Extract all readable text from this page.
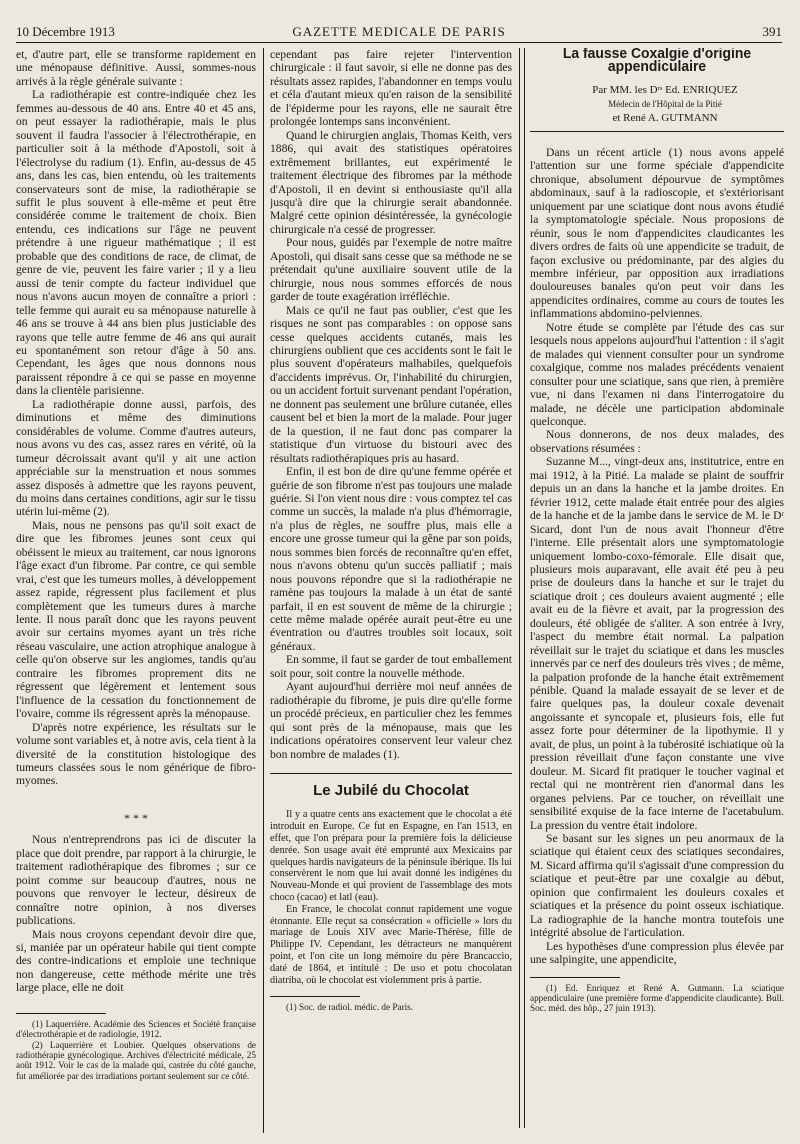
10 Décembre 1913	GAZETTE MEDICALE DE PARIS	391

et, d'autre part, elle se transforme rapidement en une ménopause définitive. Aussi, sommes-nous arrivés à la règle générale suivante :

La radiothérapie est contre-indiquée chez les femmes au-dessous de 40 ans. Entre 40 et 45 ans, on peut essayer la radiothérapie, mais le plus souvent il faudra l'associer à l'électrothérapie, en particulier soit à la méthode d'Apostoli, soit à l'électrolyse du radium (1). Enfin, au-dessus de 45 ans, dans les cas, bien entendu, où les traitements conservateurs sont de mise, la radiothérapie se suffit le plus souvent à elle-même et peut être considérée comme le traitement de choix. Bien entendu, ces indications sur l'âge ne peuvent prétendre à une rigueur mathématique ; il est probable que des conditions de race, de climat, de genre de vie, peuvent les faire varier ; il y a lieu aussi de tenir compte du facteur individuel que nous n'avons aucun moyen de connaître a priori : telle femme qui aurait eu sa ménopause naturelle à 46 ans se trouve à 44 ans bien plus justiciable des rayons que telle autre femme de 46 ans qui aurait eu spontanément son retour d'âge à 50 ans. Cependant, les âges que nous donnons nous paraissent répondre à ce qui se passe en moyenne dans la clientèle parisienne.

La radiothérapie donne aussi, parfois, des diminutions et même des diminutions considérables de volume. Comme d'autres auteurs, nous avons vu des cas, assez rares en vérité, où la tumeur décroissait avant qu'il y ait une action appréciable sur la menstruation et nous sommes assez disposés à admettre que les rayons peuvent, du moins dans certaines conditions, agir sur le tissu utérin lui-même (2).

Mais, nous ne pensons pas qu'il soit exact de dire que les fibromes jeunes sont ceux qui obéissent le mieux au traitement, car nous ignorons l'âge exact d'un fibrome. Par contre, ce qui semble vrai, c'est que les tumeurs molles, à développement assez rapide, régressent plus facilement et plus complètement que les tumeurs dures à marche lente. Il nous paraît donc que les rayons peuvent avoir sur certains myomes ayant un très riche réseau vasculaire, une action atrophique analogue à celle qu'on observe sur les angiomes, tandis qu'au contraire les fibromes proprement dits ne régressent que légèrement et lentement sous l'influence de la cessation du fonctionnement de l'ovaire, comme ils régressent après la ménopause.

D'après notre expérience, les résultats sur le volume sont variables et, à notre avis, cela tient à la diversité de la constitution histologique des tumeurs classées sous le nom générique de fibro-myomes.

* * *

Nous n'entreprendrons pas ici de discuter la place que doit prendre, par rapport à la chirurgie, le traitement radiothérapique des fibromes ; sur ce point comme sur beaucoup d'autres, nous ne pouvons que renvoyer le lecteur, désireux de connaître notre opinion, à nos diverses publications.

Mais nous croyons cependant devoir dire que, si, maniée par un opérateur habile qui tient compte des contre-indications et emploie une technique non dangereuse, cette méthode mérite une très large place, elle ne doit

(1) Laquerrière. Académie des Sciences et Société française d'électrothérapie et de radiologie, 1912.

(2) Laquerrière et Loubier. Quelques observations de radiothérapie gynécologique. Archives d'électricité médicale, 25 août 1912. Voir le cas de la malade qui, castrée du côté gauche, fut améliorée par des irradiations portant seulement sur ce côté.

cependant pas faire rejeter l'intervention chirurgicale : il faut savoir, si elle ne donne pas des résultats assez rapides, l'abandonner en temps voulu et céla d'autant mieux qu'en raison de la sensibilité de l'épiderme pour les rayons, elle ne saurait être prolongée lontemps sans inconvénient.

Quand le chirurgien anglais, Thomas Keith, vers 1886, qui avait des statistiques opératoires extrêmement brillantes, eut expérimenté le traitement électrique des fibromes par la méthode d'Apostoli, il en devint si enthousiaste qu'il alla jusqu'à dire que la chirurgie serait abandonnée. Malgré cette opinion désintéressée, la gynécologie chirurgicale n'a cessé de progresser.

Pour nous, guidés par l'exemple de notre maître Apostoli, qui disait sans cesse que sa méthode ne se prétendait qu'une auxiliaire souvent utile de la chirurgie, nous nous sommes efforcés de nous garder de toute exagération irréfléchie.

Mais ce qu'il ne faut pas oublier, c'est que les risques ne sont pas comparables : on oppose sans cesse quelques accidents cutanés, mais les chirurgiens oublient que ces accidents sont le fait le plus souvent d'opérateurs malhabiles, quelquefois d'accidents imprévus. Or, l'inhabilité du chirurgien, ou un accident fortuit survenant pendant l'opération, ne donnent pas seulement une brûlure cutanée, elles causent bel et bien la mort de la malade. Pour juger de la question, il ne faut donc pas comparer la statistique d'un virtuose du bistouri avec des résultats radiothérapiques pris au hasard.

Enfin, il est bon de dire qu'une femme opérée et guérie de son fibrome n'est pas toujours une malade guérie. Si l'on vient nous dire : vous comptez tel cas comme un succès, la malade n'a plus d'hémorragie, n'a plus de règles, ne souffre plus, mais elle a encore une grosse tumeur qui la gêne par son poids, nous sommes bien forcés de reconnaître qu'en effet, nous n'avons obtenu qu'un succès palliatif ; mais nous pouvons répondre que si la radiothérapie ne ramène pas toujours la malade à un état de santé parfait, il en est souvent de même de la chirurgie ; cette même malade opérée aurait peut-être eu une éventration ou d'autres troubles soit locaux, soit généraux.

En somme, il faut se garder de tout emballement soit pour, soit contre la nouvelle méthode.

Ayant aujourd'hui derrière moi neuf années de radiothérapie du fibrome, je puis dire qu'elle forme un procédé précieux, en particulier chez les femmes qui sont près de la ménopause, mais que les indications opératoires conservent leur valeur chez bon nombre de malades (1).

Le Jubilé du Chocolat

Il y a quatre cents ans exactement que le chocolat a été introduit en Europe. Ce fut en Espagne, en l'an 1513, en effet, que l'on prépara pour la première fois la délicieuse denrée. Son usage avait été emprunté aux Mexicains par quelques hardis navigateurs de la péninsule ibérique. Ils lui conservèrent le nom que lui avait donné les indigènes du Nouveau-Monde et qui provient de l'assemblage des mots choco (cacao) et latl (eau).

En France, le chocolat connut rapidement une vogue étonnante. Elle reçut sa consécration « officielle » lors du mariage de Louis XIV avec Marie-Thérèse, fille de Philippe IV. Cependant, les détracteurs ne manquèrent point, et l'on cite un long mémoire du père Brancaccio, daté de 1864, et intitulé : De uso et potu chocolatan diatriba, où le chocolat est violemment pris à partie.

(1) Soc. de radiol. médic. de Paris.

La fausse Coxalgie d'origine appendiculaire

Par MM. les Dʳˢ Ed. ENRIQUEZ

Médecin de l'Hôpital de la Pitié

et René A. GUTMANN

Dans un récent article (1) nous avons appelé l'attention sur une forme spéciale d'appendicite chronique, absolument dépourvue de symptômes abdominaux, sauf à la radioscopie, et s'extériorisant uniquement par une sciatique dont nous avons étudié la symptomatologie spéciale. Nous proposions de réunir, sous le nom d'appendicites claudicantes les divers ordres de faits où une appendicite se traduit, de façon exclusive ou prédominante, par des algies du membre inférieur, par opposition aux irradiations douloureuses banales qu'on peut voir dans les appendicites ordinaires, comme au cours de toutes les inflammations abdomino-pelviennes.

Notre étude se complète par l'étude des cas sur lesquels nous appelons aujourd'hui l'attention : il s'agit de malades qui viennent consulter pour un syndrome coxalgique, comme nos malades précédents venaient consulter pour une sciatique, sans que rien, à première vue, ni dans l'examen ni dans l'interrogatoire du malade, ne décèle une participation abdominale quelconque.

Nous donnerons, de nos deux malades, des observations résumées :

Suzanne M..., vingt-deux ans, institutrice, entre en mai 1912, à la Pitié. La malade se plaint de souffrir depuis un an dans la hanche et la jambe droites. En février 1912, cette malade était entrée pour des algies de la hanche et de la jambe dans le service de M. le Dʳ Sicard, dont l'un de nous avait l'honneur d'être l'interne. Elle présentait alors une symptomatologie uniquement lombo-coxo-fémorale. Elle disait que, plusieurs mois auparavant, elle avait été peu à peu prise de douleurs dans la hanche et sur le trajet du sciatique droit ; ces douleurs avaient augmenté ; elle avait eu de la fièvre et avait, par la progression des douleurs, été obligée de s'aliter. A son entrée à Ivry, l'aspect du membre était normal. La palpation réveillait sur le trajet du sciatique et dans les muscles innervés par ce nerf des douleurs très vives ; de même, la palpation profonde de la hanche était extrêmement pénible. Quand la malade essayait de se lever et de faire quelques pas, la douleur coxale devenait angoissante et syncopale et, plusieurs fois, elle fut assez forte pour déterminer de la lipothymie. Il y avait, de plus, un point à la tubérosité ischiatique où la pression réveillait d'une façon constante une vive douleur. M. Sicard fit pratiquer le toucher vaginal et rectal qui ne montrèrent rien d'anormal dans les organes pelviens. Par ce toucher, on réveillait une sensibilité exquise de la face interne de l'acetabulum. La pression du ventre était indolore.

Se basant sur les signes un peu anormaux de la sciatique qui étaient ceux des sciatiques secondaires, M. Sicard affirma qu'il s'agissait d'une compression du sciatique et peut-être par une coxalgie au début, opinion que confirmaient les douleurs coxales et sciatiques et la présence du point osseux ischiatique. La radiographie de la hanche montra toutefois une intégrité absolue de l'articulation.

Les hypothèses d'une compression plus élevée par une salpingite, une appendicite,

(1) Ed. Enriquez et René A. Gutmann. La sciatique appendiculaire (une première forme d'appendicite claudicante). Bull. Soc. méd. des hôp., 27 juin 1913).
